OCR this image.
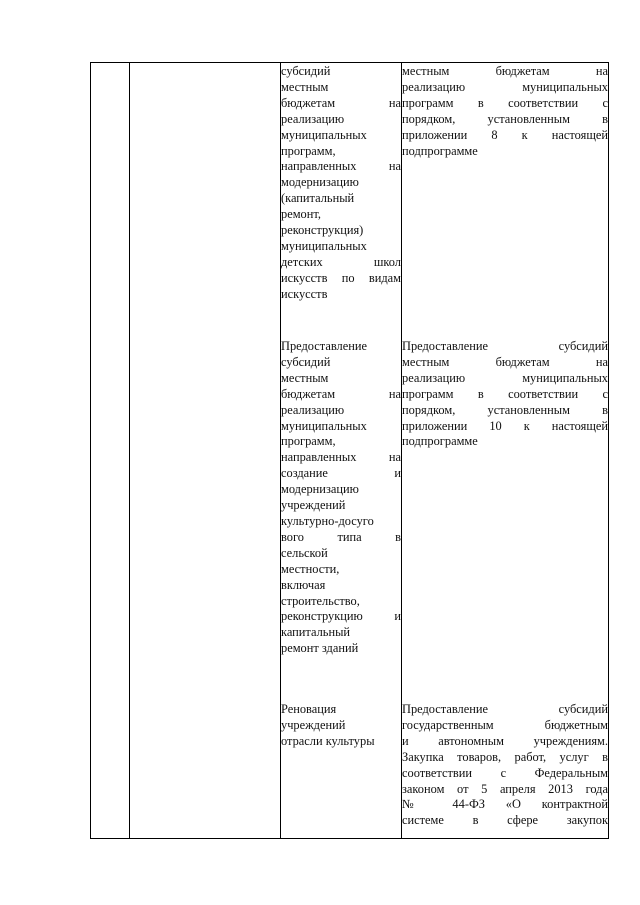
субсидий
местным
бюджетам на
реализацию
муниципальных
программ,
направленных на
модернизацию
(капитальный
ремонт,
реконструкция)
муниципальных
детских школ
искусств по видам
искусств
местным бюджетам на
реализацию муниципальных
программ в соответствии с
порядком, установленным в
приложении 8 к настоящей
подпрограмме
Предоставление
субсидий
местным
бюджетам на
реализацию
муниципальных
программ,
направленных на
создание и
модернизацию
учреждений
культурно-досуго
вого типа в
сельской
местности,
включая
строительство,
реконструкцию и
капитальный
ремонт зданий
Предоставление субсидий
местным бюджетам на
реализацию муниципальных
программ в соответствии с
порядком, установленным в
приложении 10 к настоящей
подпрограмме
Реновация
учреждений
отрасли культуры
Предоставление субсидий
государственным бюджетным
и автономным учреждениям.
Закупка товаров, работ, услуг в
соответствии с Федеральным
законом от 5 апреля 2013 года
№ 44-ФЗ «О контрактной
системе в сфере закупок
